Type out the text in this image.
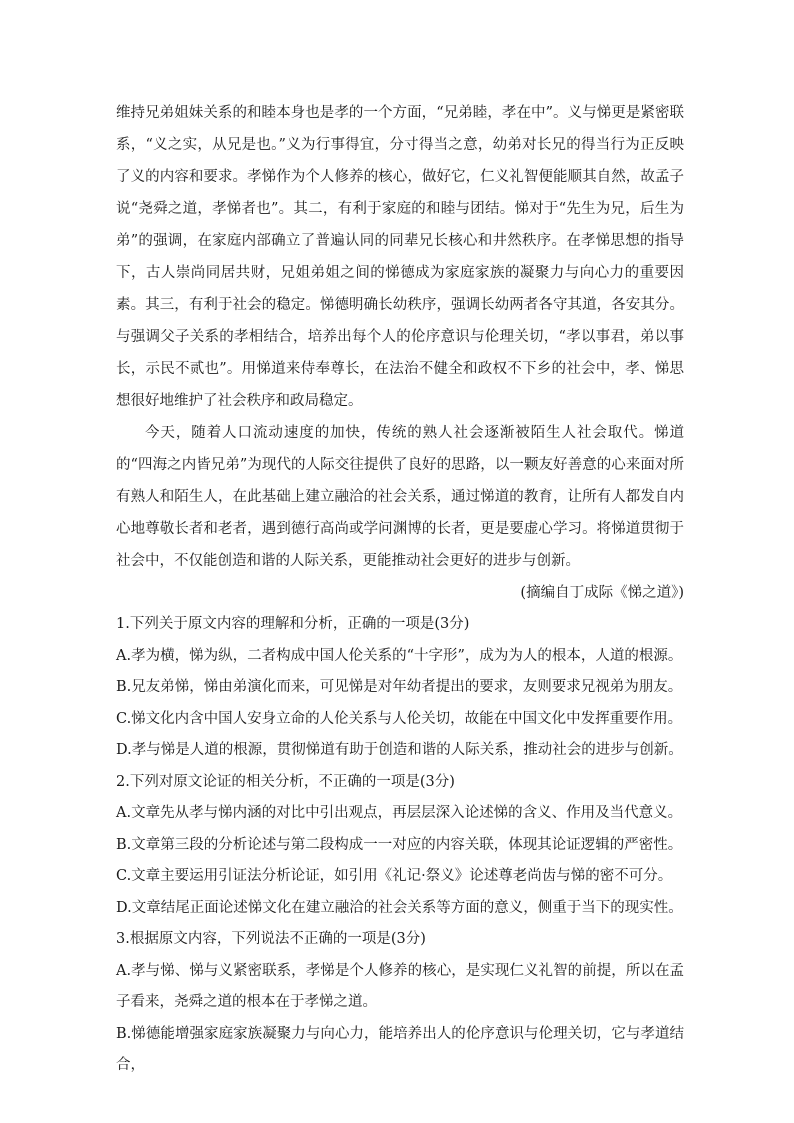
维持兄弟姐妹关系的和睦本身也是孝的一个方面，“兄弟睦，孝在中”。义与悌更是紧密联系，“义之实，从兄是也。”义为行事得宜，分寸得当之意，幼弟对长兄的得当行为正反映了义的内容和要求。孝悌作为个人修养的核心，做好它，仁义礼智便能顺其自然，故孟子说“尧舜之道，孝悌者也”。其二，有利于家庭的和睦与团结。悌对于“先生为兄，后生为弟”的强调，在家庭内部确立了普遍认同的同辈兄长核心和井然秩序。在孝悌思想的指导下，古人崇尚同居共财，兄姐弟姐之间的悌德成为家庭家族的凝聚力与向心力的重要因素。其三，有利于社会的稳定。悌德明确长幼秩序，强调长幼两者各守其道，各安其分。与强调父子关系的孝相结合，培养出每个人的伦序意识与伦理关切，“孝以事君，弟以事长，示民不贰也”。用悌道来侍奉尊长，在法治不健全和政权不下乡的社会中，孝、悌思想很好地维护了社会秩序和政局稳定。

今天，随着人口流动速度的加快，传统的熟人社会逐渐被陌生人社会取代。悌道的“四海之内皆兄弟”为现代的人际交往提供了良好的思路，以一颗友好善意的心来面对所有熟人和陌生人，在此基础上建立融洽的社会关系，通过悌道的教育，让所有人都发自内心地尊敬长者和老者，遇到德行高尚或学问渊博的长者，更是要虚心学习。将悌道贯彻于社会中，不仅能创造和谐的人际关系，更能推动社会更好的进步与创新。

(摘编自丁成际《悌之道》)

1.下列关于原文内容的理解和分析，正确的一项是(3分)

A.孝为横，悌为纵，二者构成中国人伦关系的“十字形”，成为为人的根本，人道的根源。

B.兄友弟悌，悌由弟演化而来，可见悌是对年幼者提出的要求，友则要求兄视弟为朋友。

C.悌文化内含中国人安身立命的人伦关系与人伦关切，故能在中国文化中发挥重要作用。

D.孝与悌是人道的根源，贯彻悌道有助于创造和谐的人际关系，推动社会的进步与创新。

2.下列对原文论证的相关分析，不正确的一项是(3分)

A.文章先从孝与悌内涵的对比中引出观点，再层层深入论述悌的含义、作用及当代意义。

B.文章第三段的分析论述与第二段构成一一对应的内容关联，体现其论证逻辑的严密性。

C.文章主要运用引证法分析论证，如引用《礼记·祭义》论述尊老尚齿与悌的密不可分。

D.文章结尾正面论述悌文化在建立融洽的社会关系等方面的意义，侧重于当下的现实性。

3.根据原文内容，下列说法不正确的一项是(3分)

A.孝与悌、悌与义紧密联系，孝悌是个人修养的核心，是实现仁义礼智的前提，所以在孟子看来，尧舜之道的根本在于孝悌之道。

B.悌德能增强家庭家族凝聚力与向心力，能培养出人的伦序意识与伦理关切，它与孝道结合，
